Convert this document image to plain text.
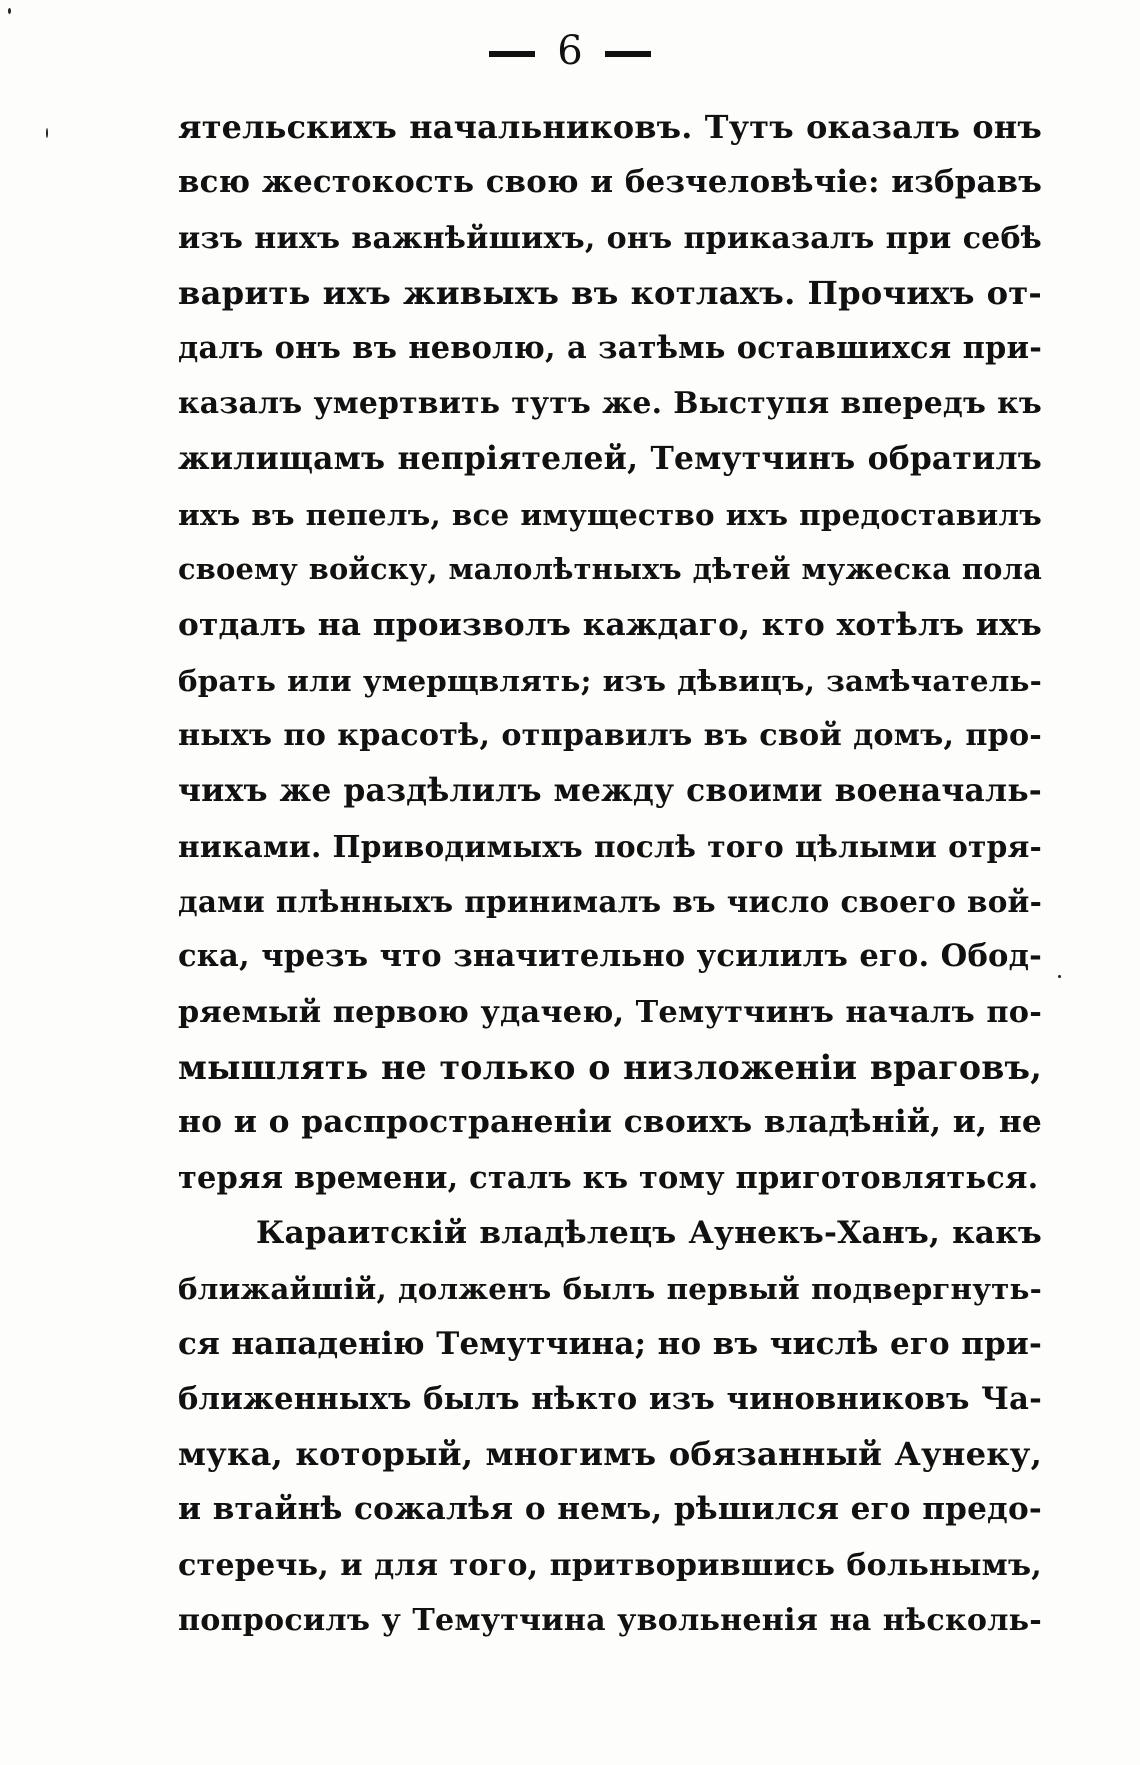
6
ятельскихъ начальниковъ. Тутъ оказалъ онъ
всю жестокость свою и безчеловѣчіе: избравъ
изъ нихъ важнѣйшихъ, онъ приказалъ при себѣ
варить ихъ живыхъ въ котлахъ. Прочихъ от-
далъ онъ въ неволю, а затѣмь оставшихся при-
казалъ умертвить тутъ же. Выступя впередъ къ
жилищамъ непріятелей, Темутчинъ обратилъ
ихъ въ пепелъ, все имущество ихъ предоставилъ
своему войску, малолѣтныхъ дѣтей мужеска пола
отдалъ на произволъ каждаго, кто хотѣлъ ихъ
брать или умерщвлять; изъ дѣвицъ, замѣчатель-
ныхъ по красотѣ, отправилъ въ свой домъ, про-
чихъ же раздѣлилъ между своими военачаль-
никами. Приводимыхъ послѣ того цѣлыми отря-
дами плѣнныхъ принималъ въ число своего вой-
ска, чрезъ что значительно усилилъ его. Обод-
ряемый первою удачею, Темутчинъ началъ по-
мышлять не только о низложеніи враговъ,
но и о распространеніи своихъ владѣній, и, не
теряя времени, сталъ къ тому приготовляться.
Караитскій владѣлецъ Аунекъ-Ханъ, какъ
ближайшій, долженъ былъ первый подвергнуть-
ся нападенію Темутчина; но въ числѣ его при-
ближенныхъ былъ нѣкто изъ чиновниковъ Ча-
мука, который, многимъ обязанный Аунеку,
и втайнѣ сожалѣя о немъ, рѣшился его предо-
стеречь, и для того, притворившись больнымъ,
попросилъ у Темутчина увольненія на нѣсколь-
